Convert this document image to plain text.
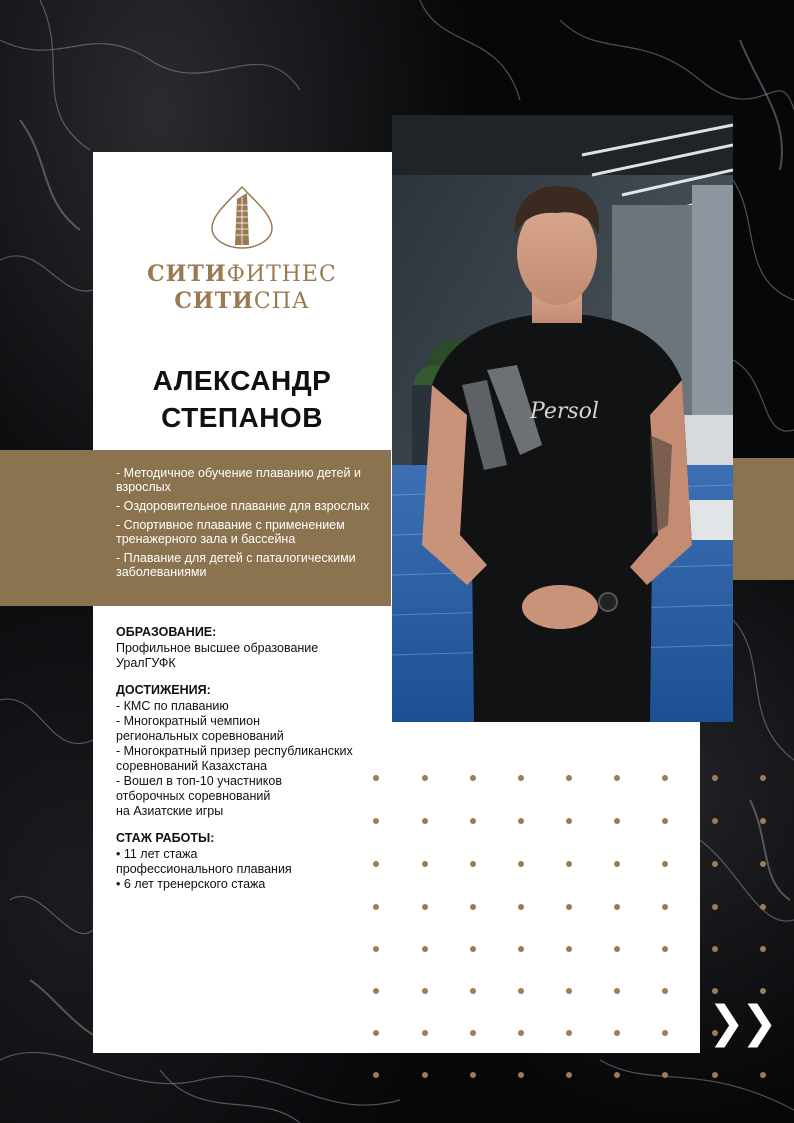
СИТИФИТНЕС
СИТИСПА
АЛЕКСАНДР
СТЕПАНОВ
- Методичное обучение плаванию детей и взрослых
- Оздоровительное плавание для взрослых
- Спортивное плавание с применением тренажерного зала и бассейна
- Плавание для детей с паталогическими заболеваниями
Persol
ОБРАЗОВАНИЕ:
Профильное высшее образование
УралГУФК
ДОСТИЖЕНИЯ:
- КМС по плаванию
- Многократный чемпион
региональных соревнований
- Многократный призер республиканских
соревнований Казахстана
- Вошел в топ-10 участников
отборочных соревнований
на Азиатские игры
СТАЖ РАБОТЫ:
• 11 лет стажа
профессионального плавания
• 6 лет тренерского стажа
❯❯
